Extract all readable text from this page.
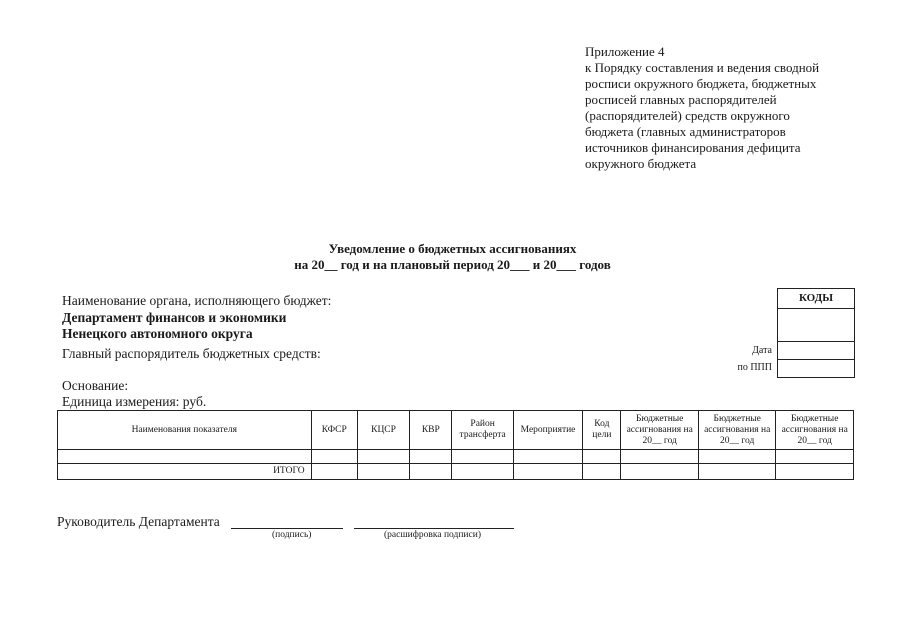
Приложение 4
к Порядку составления и ведения сводной
росписи окружного бюджета, бюджетных
росписей главных распорядителей
(распорядителей) средств окружного
бюджета (главных администраторов
источников финансирования дефицита
окружного бюджета
Уведомление о бюджетных ассигнованиях
на 20__ год и на плановый период 20___ и 20___ годов
Наименование органа, исполняющего бюджет:
Департамент финансов и экономики
Ненецкого автономного округа
Главный распорядитель бюджетных средств:
Основание:
Единица измерения: руб.
КОДЫ
Дата
по ППП
Наименования показателя	КФСР	КЦСР	КВР	Район трансферта	Мероприятие	Код цели	Бюджетные ассигнования на 20__ год	Бюджетные ассигнования на 20__ год	Бюджетные ассигнования на 20__ год

ИТОГО									
Руководитель Департамента
(подпись)	(расшифровка подписи)
